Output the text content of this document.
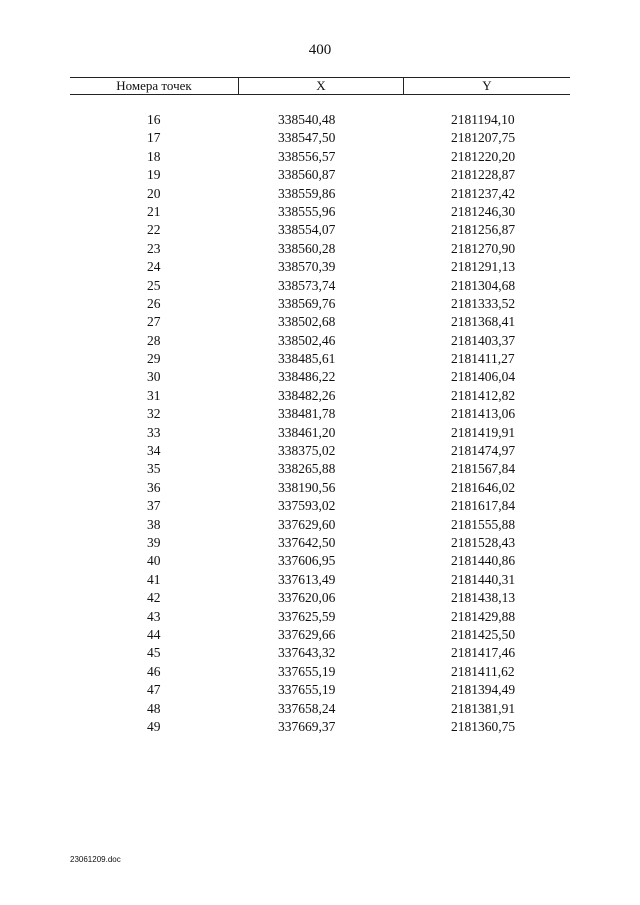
400
Номера точек	X	Y
16	338540,48	2181194,10
17	338547,50	2181207,75
18	338556,57	2181220,20
19	338560,87	2181228,87
20	338559,86	2181237,42
21	338555,96	2181246,30
22	338554,07	2181256,87
23	338560,28	2181270,90
24	338570,39	2181291,13
25	338573,74	2181304,68
26	338569,76	2181333,52
27	338502,68	2181368,41
28	338502,46	2181403,37
29	338485,61	2181411,27
30	338486,22	2181406,04
31	338482,26	2181412,82
32	338481,78	2181413,06
33	338461,20	2181419,91
34	338375,02	2181474,97
35	338265,88	2181567,84
36	338190,56	2181646,02
37	337593,02	2181617,84
38	337629,60	2181555,88
39	337642,50	2181528,43
40	337606,95	2181440,86
41	337613,49	2181440,31
42	337620,06	2181438,13
43	337625,59	2181429,88
44	337629,66	2181425,50
45	337643,32	2181417,46
46	337655,19	2181411,62
47	337655,19	2181394,49
48	337658,24	2181381,91
49	337669,37	2181360,75
23061209.doc
